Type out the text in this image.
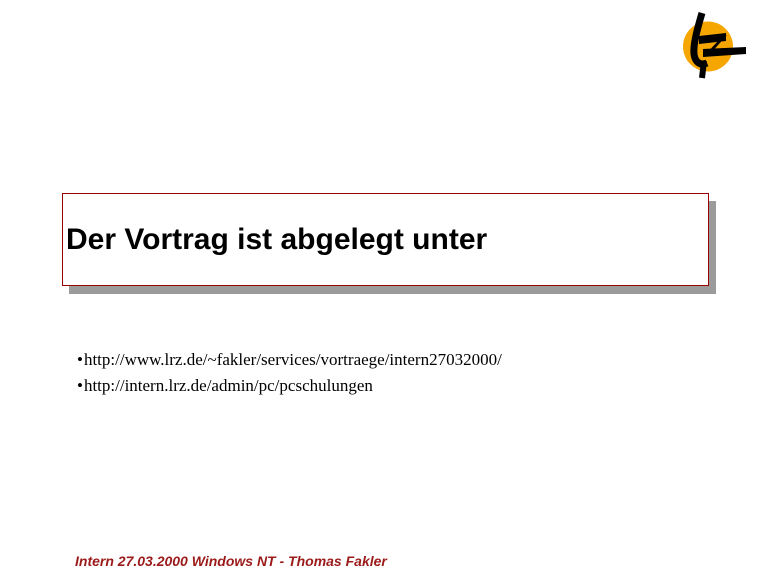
Der Vortrag ist abgelegt unter
•http://www.lrz.de/~fakler/services/vortraege/intern27032000/
•http://intern.lrz.de/admin/pc/pcschulungen
Intern 27.03.2000 Windows NT - Thomas Fakler
